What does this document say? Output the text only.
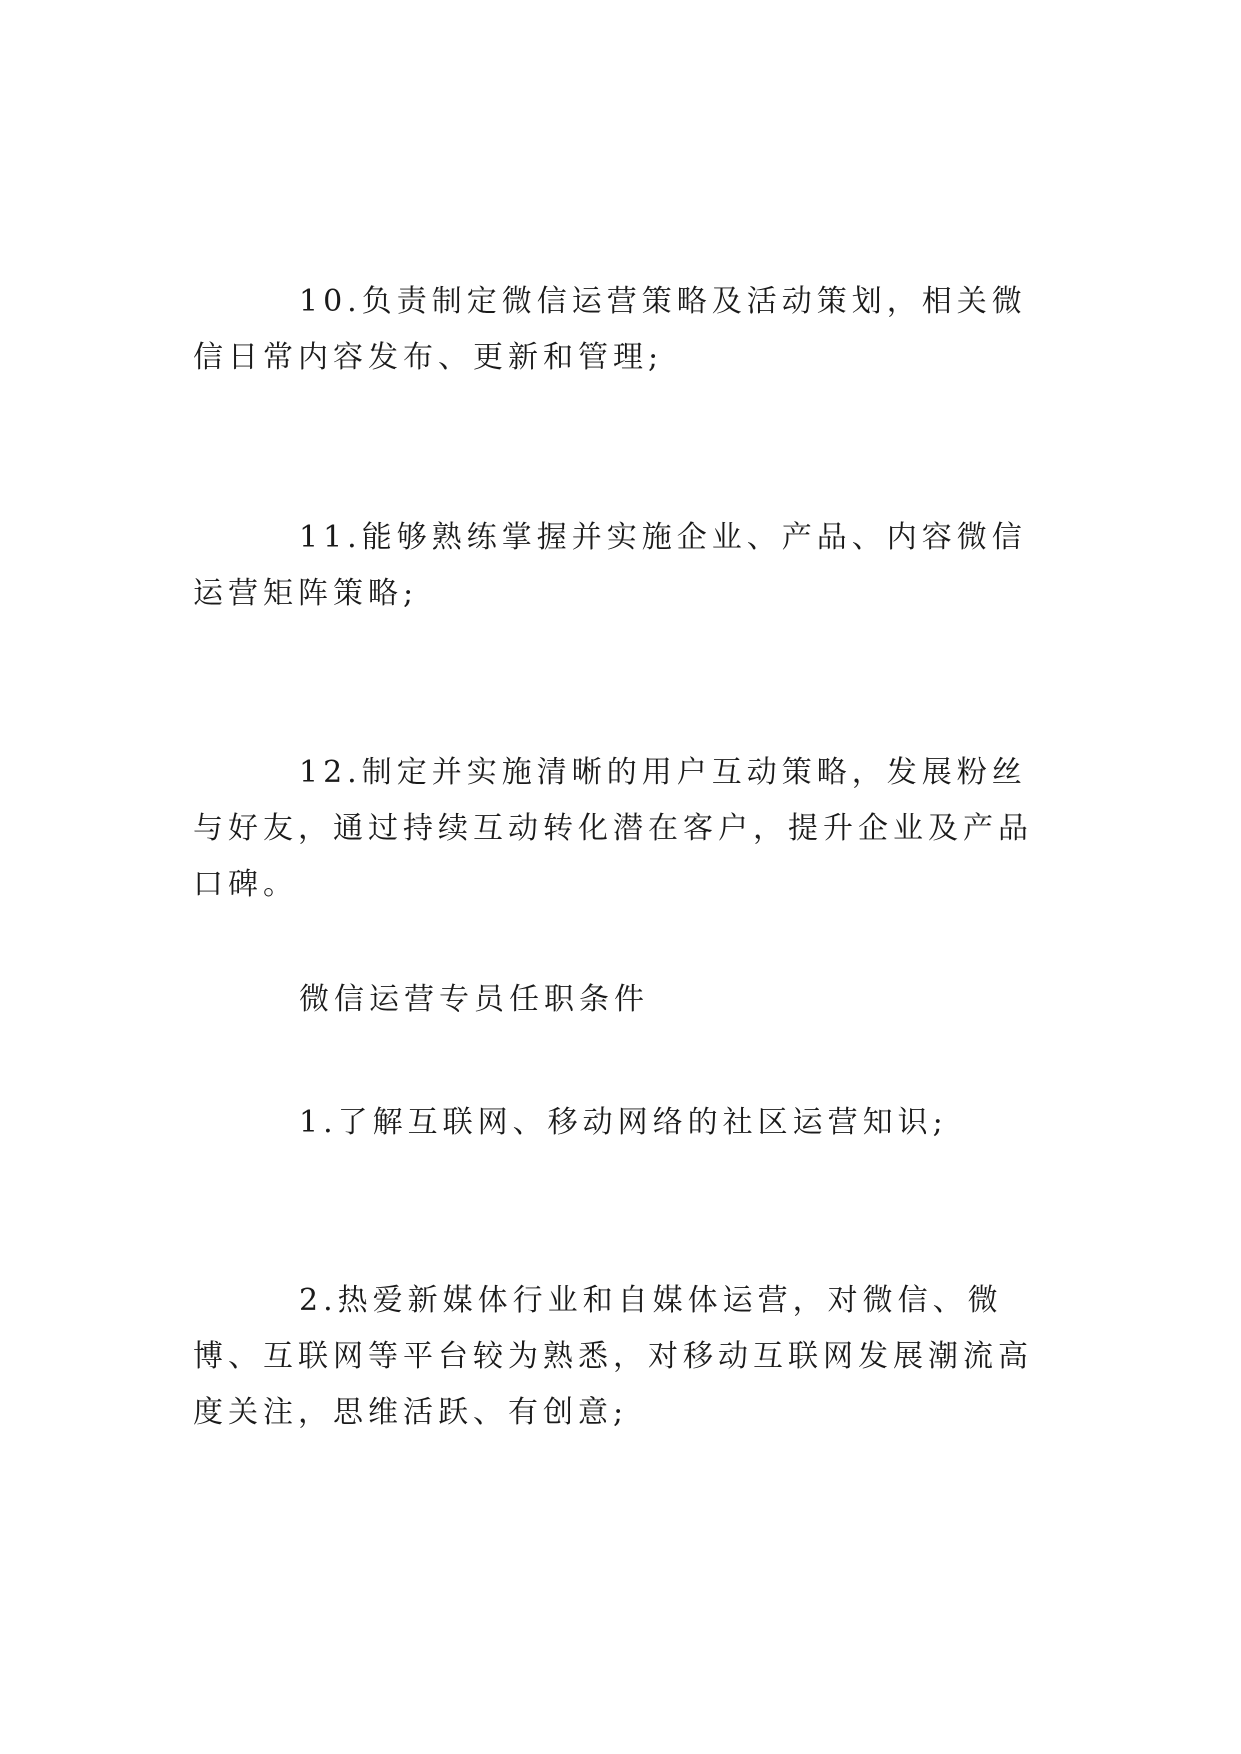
10.负责制定微信运营策略及活动策划，相关微信日常内容发布、更新和管理;

11.能够熟练掌握并实施企业、产品、内容微信运营矩阵策略;

12.制定并实施清晰的用户互动策略，发展粉丝与好友，通过持续互动转化潜在客户，提升企业及产品口碑。

微信运营专员任职条件

1.了解互联网、移动网络的社区运营知识;

2.热爱新媒体行业和自媒体运营，对微信、微博、互联网等平台较为熟悉，对移动互联网发展潮流高度关注，思维活跃、有创意;
